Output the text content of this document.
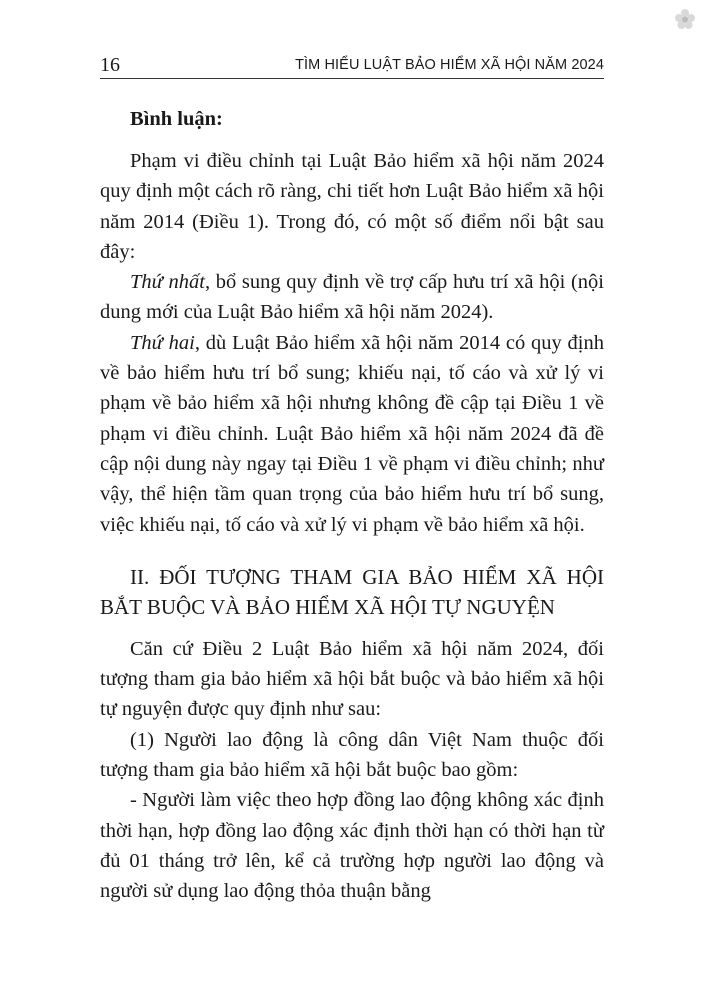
16	TÌM HIỂU LUẬT BẢO HIỂM XÃ HỘI NĂM 2024

Bình luận:

Phạm vi điều chỉnh tại Luật Bảo hiểm xã hội năm 2024 quy định một cách rõ ràng, chi tiết hơn Luật Bảo hiểm xã hội năm 2014 (Điều 1). Trong đó, có một số điểm nổi bật sau đây:

Thứ nhất, bổ sung quy định về trợ cấp hưu trí xã hội (nội dung mới của Luật Bảo hiểm xã hội năm 2024).

Thứ hai, dù Luật Bảo hiểm xã hội năm 2014 có quy định về bảo hiểm hưu trí bổ sung; khiếu nại, tố cáo và xử lý vi phạm về bảo hiểm xã hội nhưng không đề cập tại Điều 1 về phạm vi điều chỉnh. Luật Bảo hiểm xã hội năm 2024 đã đề cập nội dung này ngay tại Điều 1 về phạm vi điều chỉnh; như vậy, thể hiện tầm quan trọng của bảo hiểm hưu trí bổ sung, việc khiếu nại, tố cáo và xử lý vi phạm về bảo hiểm xã hội.

II. ĐỐI TƯỢNG THAM GIA BẢO HIỂM XÃ HỘI
BẮT BUỘC VÀ BẢO HIỂM XÃ HỘI TỰ NGUYỆN

Căn cứ Điều 2 Luật Bảo hiểm xã hội năm 2024, đối tượng tham gia bảo hiểm xã hội bắt buộc và bảo hiểm xã hội tự nguyện được quy định như sau:

(1) Người lao động là công dân Việt Nam thuộc đối tượng tham gia bảo hiểm xã hội bắt buộc bao gồm:

- Người làm việc theo hợp đồng lao động không xác định thời hạn, hợp đồng lao động xác định thời hạn có thời hạn từ đủ 01 tháng trở lên, kể cả trường hợp người lao động và người sử dụng lao động thỏa thuận bằng
